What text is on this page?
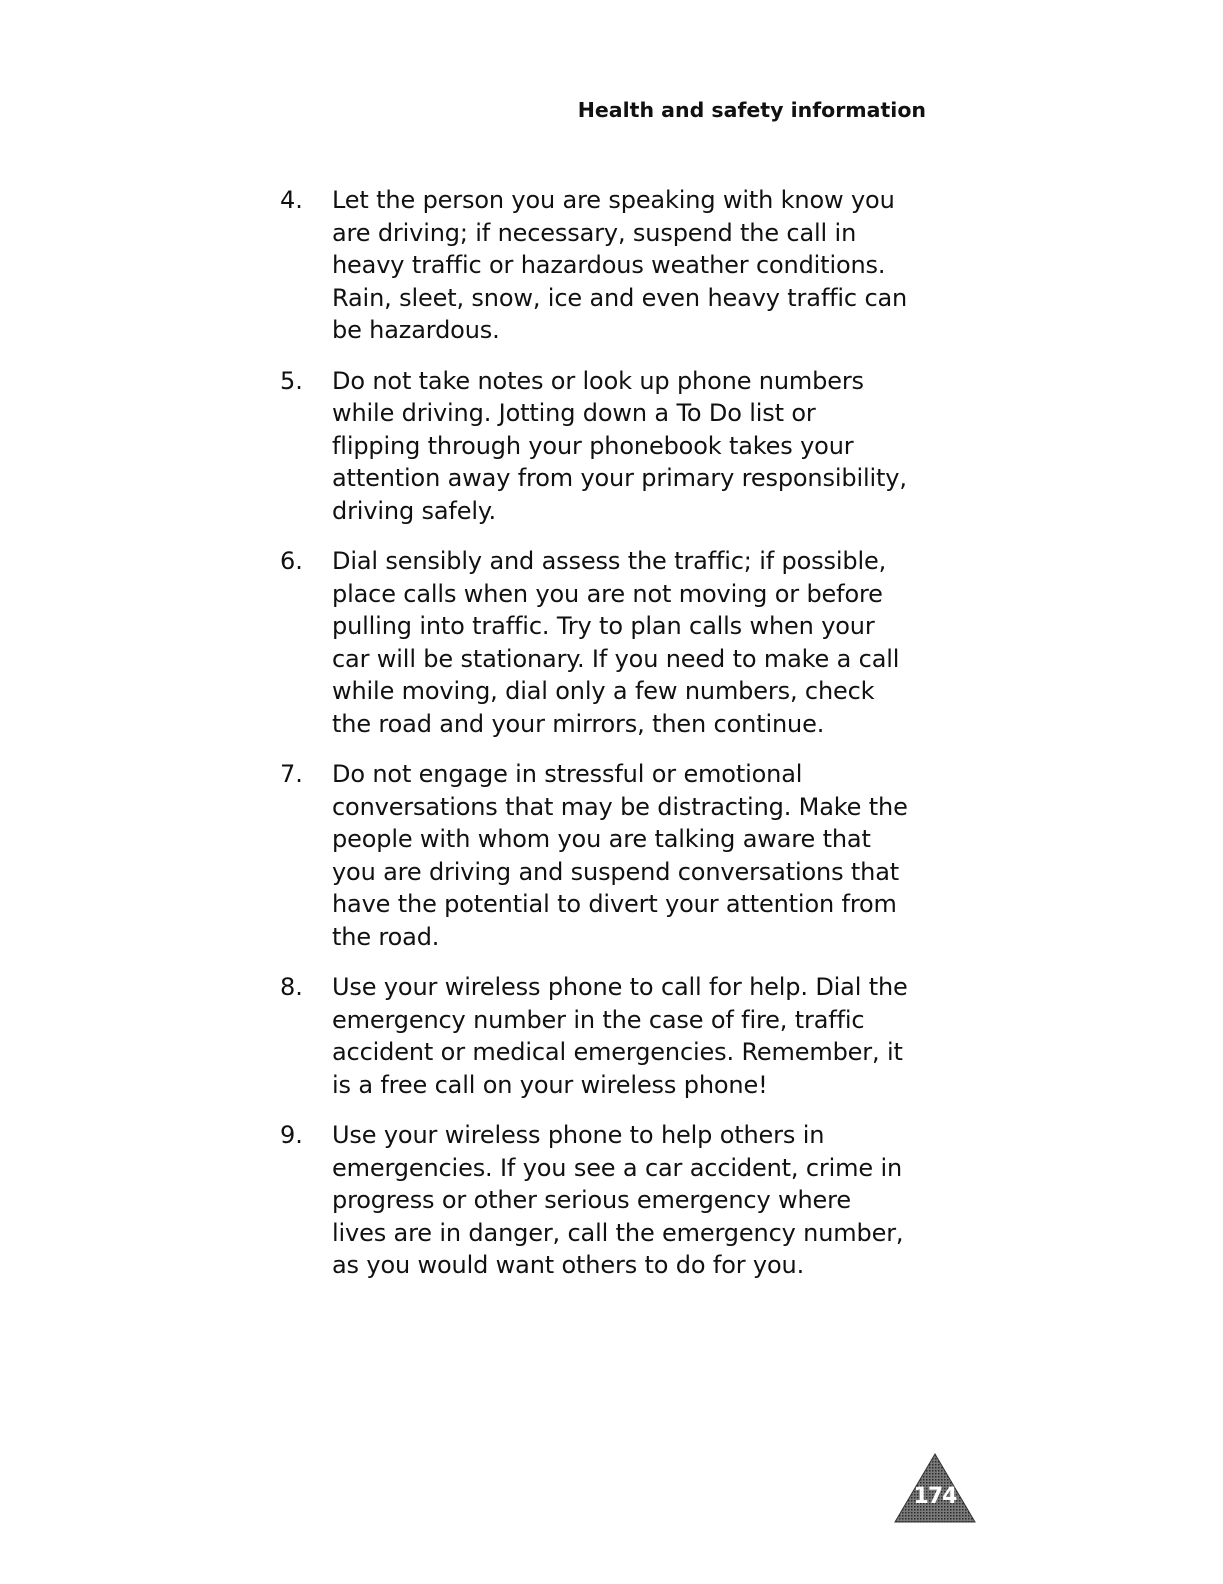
Health and safety information
4. Let the person you are speaking with know you
are driving; if necessary, suspend the call in
heavy traffic or hazardous weather conditions.
Rain, sleet, snow, ice and even heavy traffic can
be hazardous.
5. Do not take notes or look up phone numbers
while driving. Jotting down a To Do list or
flipping through your phonebook takes your
attention away from your primary responsibility,
driving safely.
6. Dial sensibly and assess the traffic; if possible,
place calls when you are not moving or before
pulling into traffic. Try to plan calls when your
car will be stationary. If you need to make a call
while moving, dial only a few numbers, check
the road and your mirrors, then continue.
7. Do not engage in stressful or emotional
conversations that may be distracting. Make the
people with whom you are talking aware that
you are driving and suspend conversations that
have the potential to divert your attention from
the road.
8. Use your wireless phone to call for help. Dial the
emergency number in the case of fire, traffic
accident or medical emergencies. Remember, it
is a free call on your wireless phone!
9. Use your wireless phone to help others in
emergencies. If you see a car accident, crime in
progress or other serious emergency where
lives are in danger, call the emergency number,
as you would want others to do for you.
174
